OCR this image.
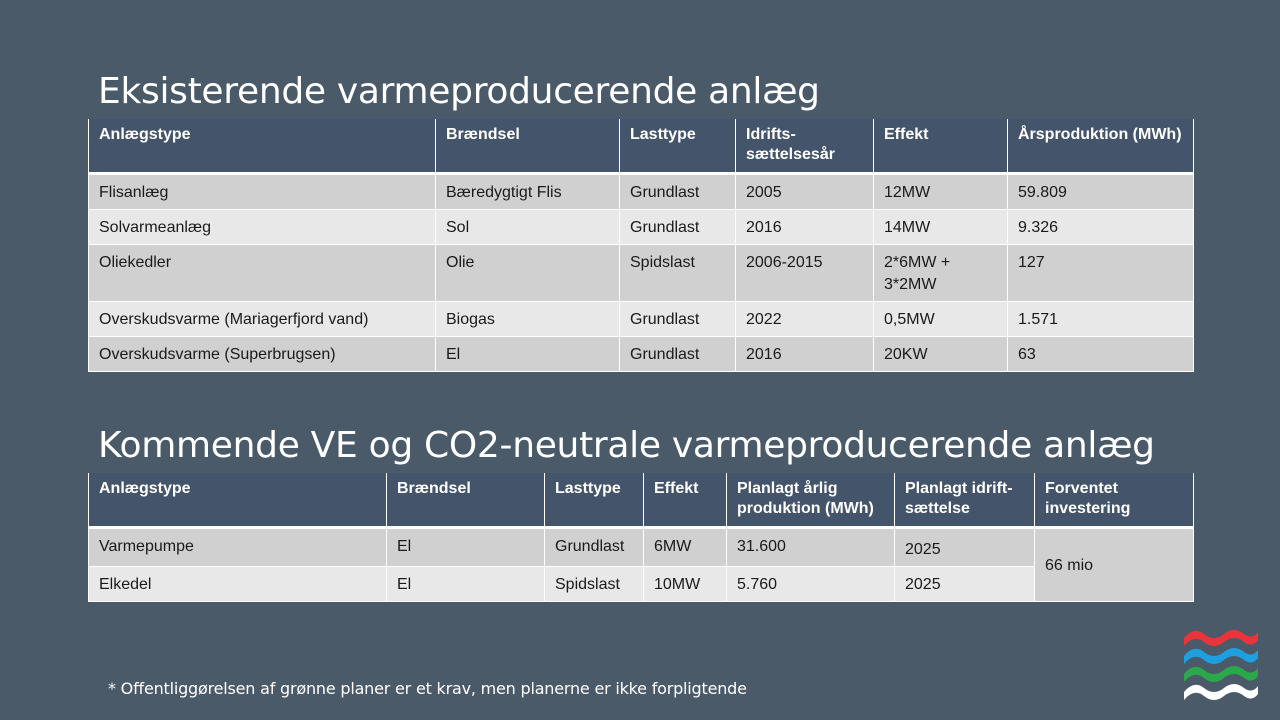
Eksisterende varmeproducerende anlæg
Anlægstype	Brændsel	Lasttype	Idrifts-sættelsesår	Effekt	Årsproduktion (MWh)
Flisanlæg	Bæredygtigt Flis	Grundlast	2005	12MW	59.809
Solvarmeanlæg	Sol	Grundlast	2016	14MW	9.326
Oliekedler	Olie	Spidslast	2006-2015	2*6MW + 3*2MW	127
Overskudsvarme (Mariagerfjord vand)	Biogas	Grundlast	2022	0,5MW	1.571
Overskudsvarme (Superbrugsen)	El	Grundlast	2016	20KW	63
Kommende VE og CO2-neutrale varmeproducerende anlæg
Anlægstype	Brændsel	Lasttype	Effekt	Planlagt årlig produktion (MWh)	Planlagt idrift-sættelse	Forventet investering
Varmepumpe	El	Grundlast	6MW	31.600	2025	66 mio
Elkedel	El	Spidslast	10MW	5.760	2025	
* Offentliggørelsen af grønne planer er et krav, men planerne er ikke forpligtende
